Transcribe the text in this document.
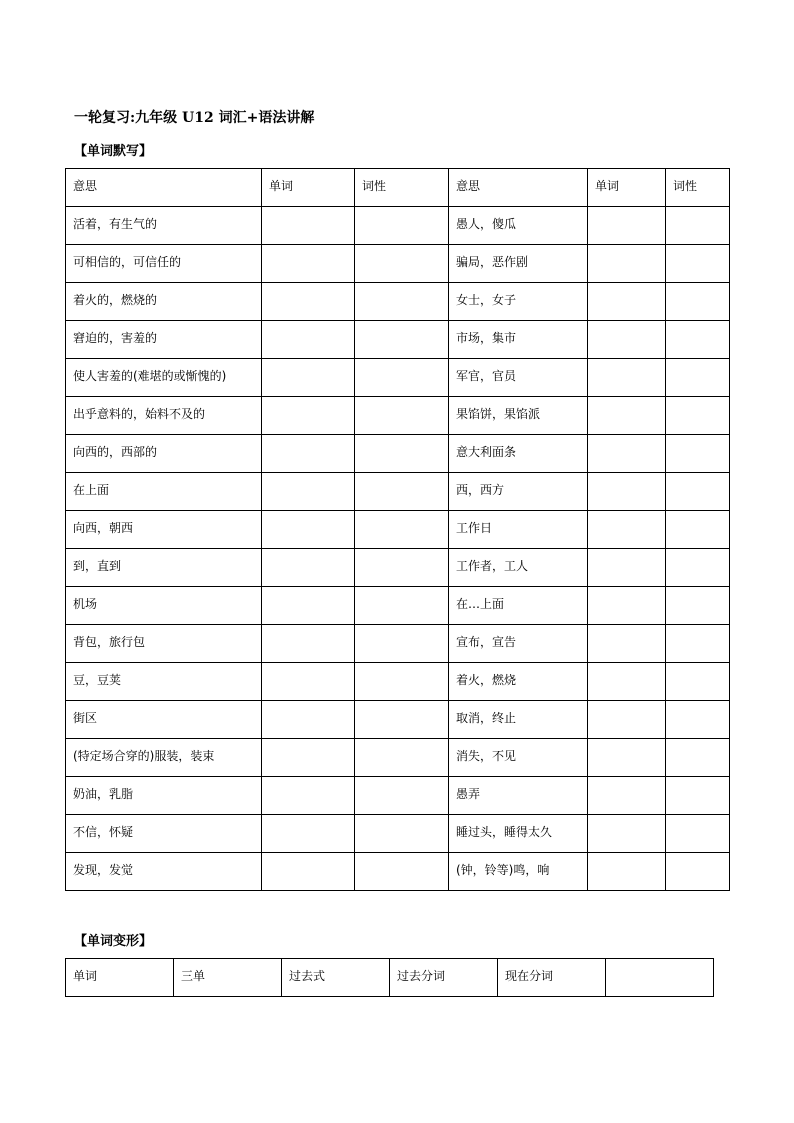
一轮复习:九年级 U12 词汇+语法讲解
【单词默写】
意思	单词	词性	意思	单词	词性
活着，有生气的			愚人，傻瓜		
可相信的，可信任的			骗局，恶作剧		
着火的，燃烧的			女士，女子		
窘迫的，害羞的			市场，集市		
使人害羞的(难堪的或惭愧的)			军官，官员		
出乎意料的，始料不及的			果馅饼，果馅派		
向西的，西部的			意大利面条		
在上面			西，西方		
向西，朝西			工作日		
到，直到			工作者，工人		
机场			在…上面		
背包，旅行包			宣布，宣告		
豆，豆荚			着火，燃烧		
街区			取消，终止		
(特定场合穿的)服装，装束			消失，不见		
奶油，乳脂			愚弄		
不信，怀疑			睡过头，睡得太久		
发现，发觉			(钟，铃等)鸣，响		
【单词变形】
单词	三单	过去式	过去分词	现在分词	
